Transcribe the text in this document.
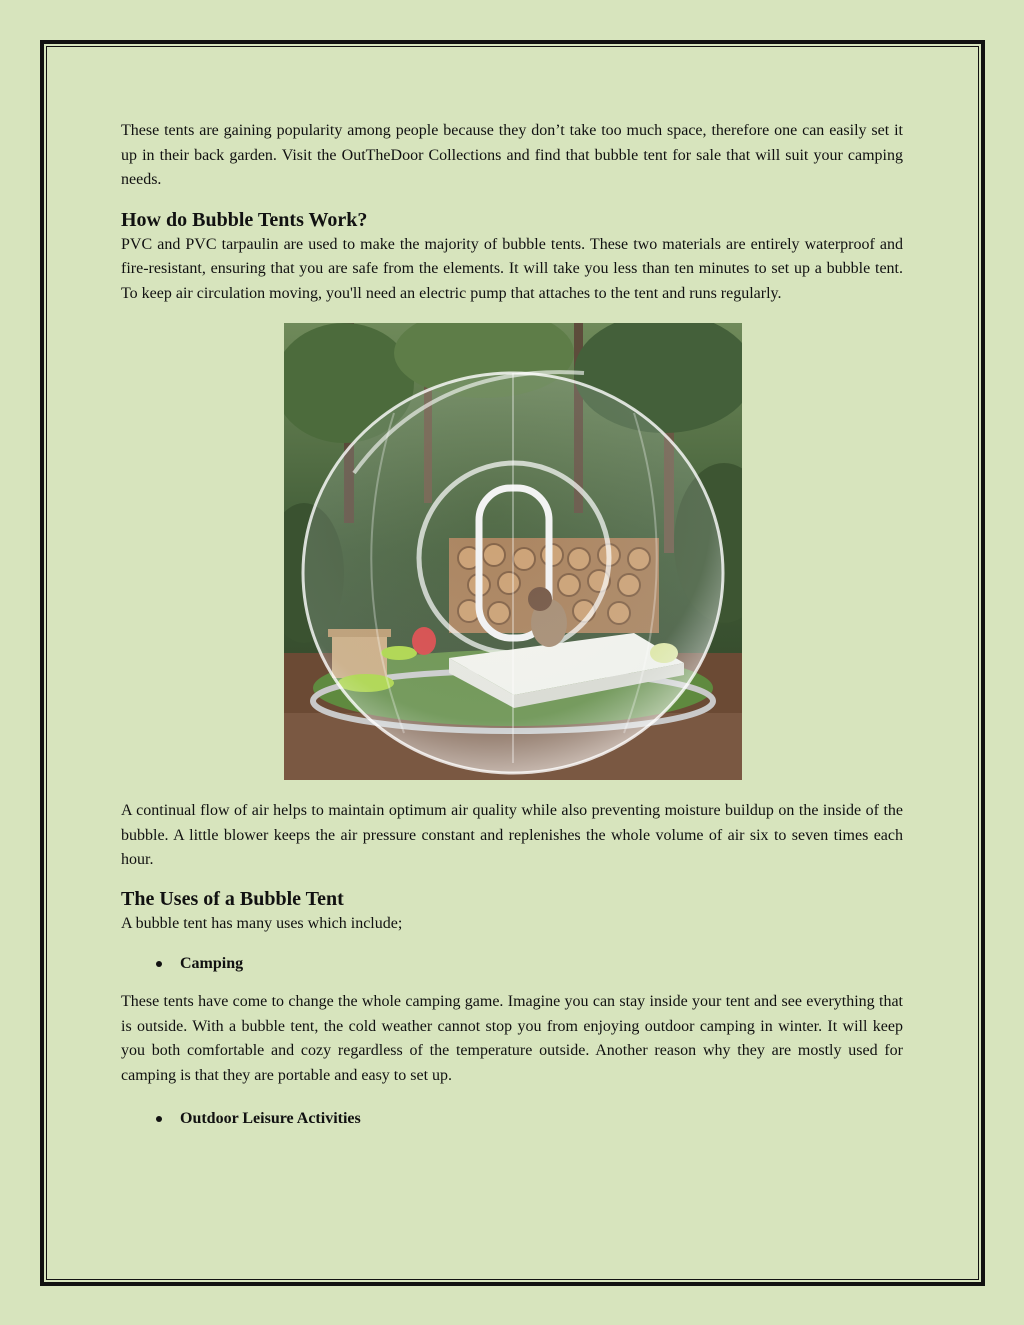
These tents are gaining popularity among people because they don’t take too much space, therefore one can easily set it up in their back garden. Visit the OutTheDoor Collections and find that bubble tent for sale that will suit your camping needs.

How do Bubble Tents Work?

PVC and PVC tarpaulin are used to make the majority of bubble tents. These two materials are entirely waterproof and fire-resistant, ensuring that you are safe from the elements. It will take you less than ten minutes to set up a bubble tent. To keep air circulation moving, you'll need an electric pump that attaches to the tent and runs regularly.

A continual flow of air helps to maintain optimum air quality while also preventing moisture buildup on the inside of the bubble. A little blower keeps the air pressure constant and replenishes the whole volume of air six to seven times each hour.

The Uses of a Bubble Tent

A bubble tent has many uses which include;

Camping

These tents have come to change the whole camping game. Imagine you can stay inside your tent and see everything that is outside. With a bubble tent, the cold weather cannot stop you from enjoying outdoor camping in winter. It will keep you both comfortable and cozy regardless of the temperature outside. Another reason why they are mostly used for camping is that they are portable and easy to set up.

Outdoor Leisure Activities
